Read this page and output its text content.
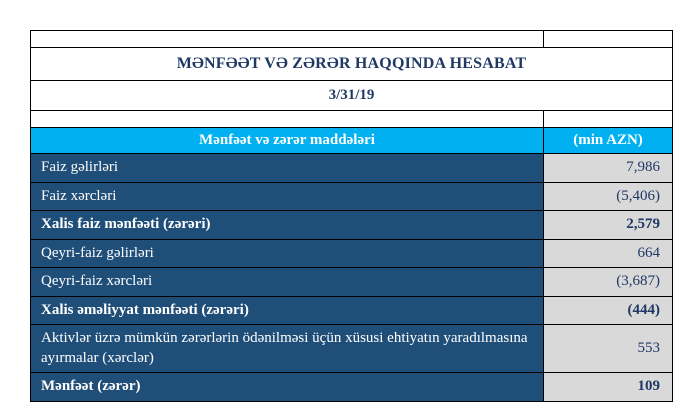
MƏNFƏƏT VƏ ZƏRƏR HAQQINDA HESABAT	
3/31/19	

Mənfəət və zərər maddələri	(min AZN)
Faiz gəlirləri	7,986
Faiz xərcləri	(5,406)
Xalis faiz mənfəəti (zərəri)	2,579
Qeyri-faiz gəlirləri	664
Qeyri-faiz xərcləri	(3,687)
Xalis əməliyyat mənfəəti (zərəri)	(444)
Aktivlər üzrə mümkün zərərlərin ödənilməsi üçün xüsusi ehtiyatın yaradılmasına ayırmalar (xərclər)	553
Mənfəət (zərər)	109
